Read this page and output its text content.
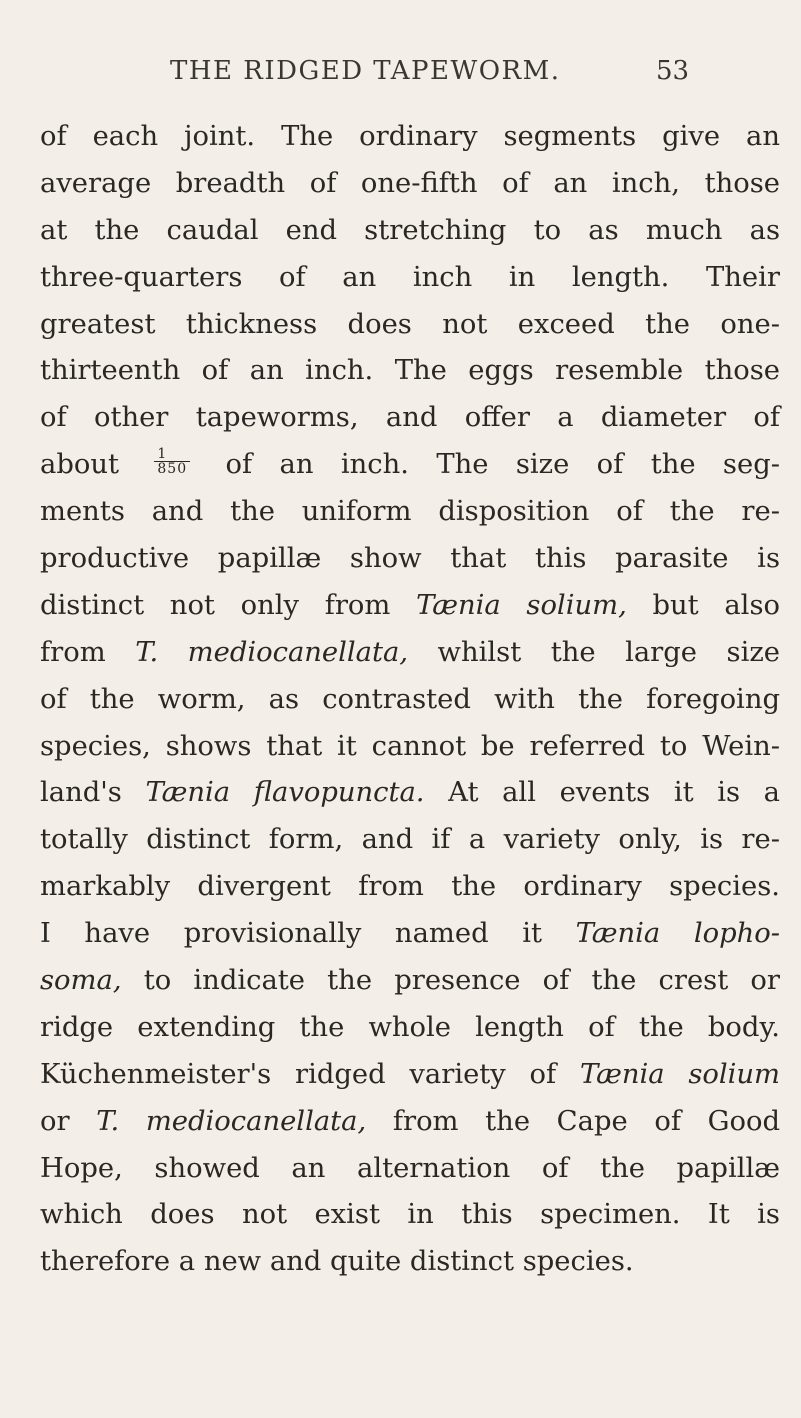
THE RIDGED TAPEWORM.	53
of each joint. The ordinary segments give an
average breadth of one-fifth of an inch, those
at the caudal end stretching to as much as
three-quarters of an inch in length. Their
greatest thickness does not exceed the one-
thirteenth of an inch. The eggs resemble those
of other tapeworms, and offer a diameter of
about $\frac{1}{850}$ of an inch. The size of the seg-
ments and the uniform disposition of the re-
productive papillæ show that this parasite is
distinct not only from Tænia solium, but also
from T. mediocanellata, whilst the large size
of the worm, as contrasted with the foregoing
species, shows that it cannot be referred to Wein-
land's Tænia flavopuncta. At all events it is a
totally distinct form, and if a variety only, is re-
markably divergent from the ordinary species.
I have provisionally named it Tænia lopho-
soma, to indicate the presence of the crest or
ridge extending the whole length of the body.
Küchenmeister's ridged variety of Tænia solium
or T. mediocanellata, from the Cape of Good
Hope, showed an alternation of the papillæ
which does not exist in this specimen. It is
therefore a new and quite distinct species.
